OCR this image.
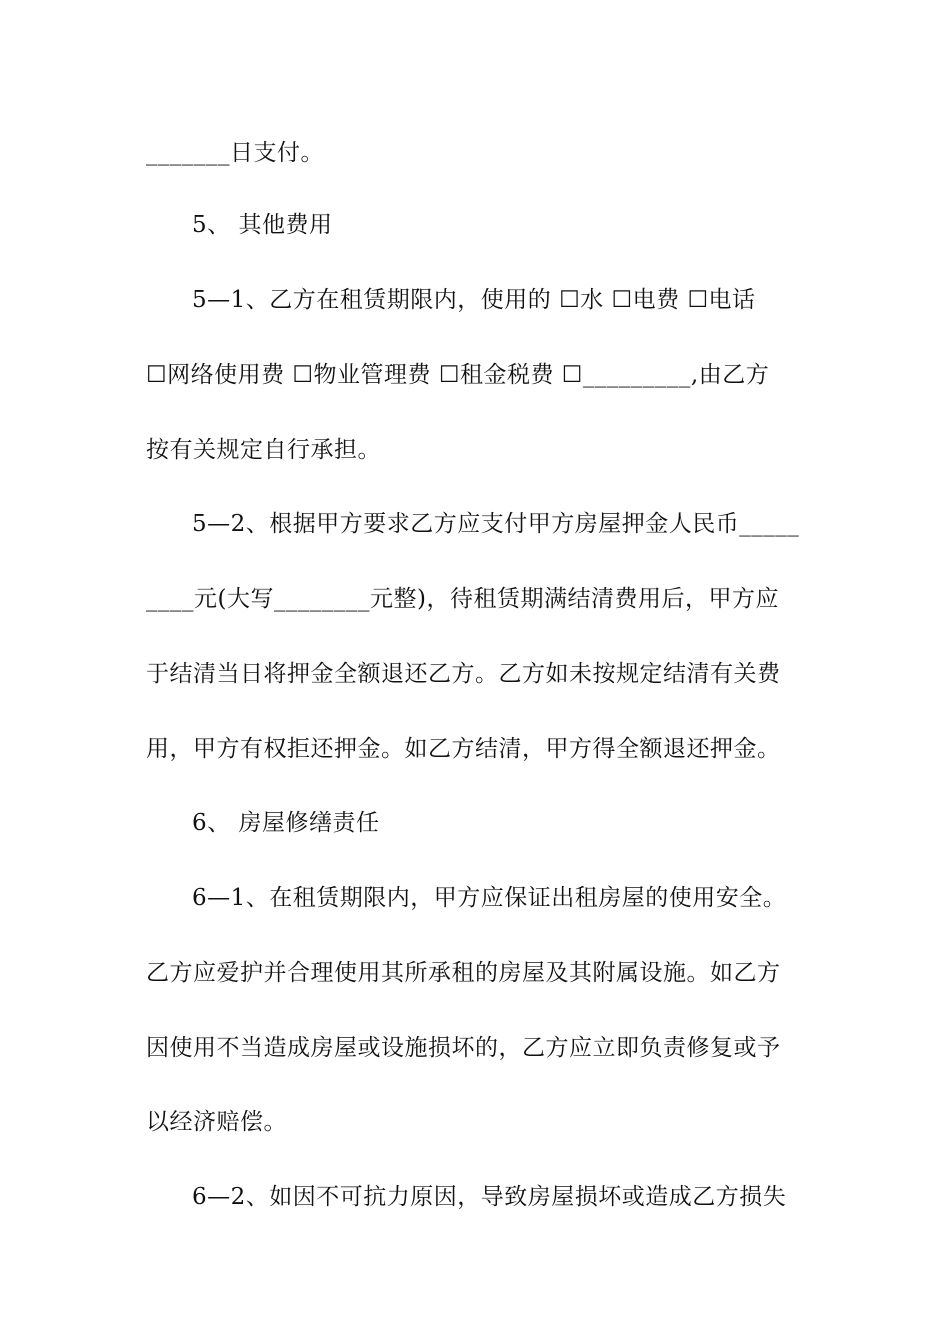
_______日支付。
5、 其他费用
5—1、乙方在租赁期限内，使用的 ☐水 ☐电费 ☐电话
☐网络使用费 ☐物业管理费 ☐租金税费 ☐_________,由乙方
按有关规定自行承担。
5—2、根据甲方要求乙方应支付甲方房屋押金人民币_____
____元(大写________元整)，待租赁期满结清费用后，甲方应
于结清当日将押金全额退还乙方。乙方如未按规定结清有关费
用，甲方有权拒还押金。如乙方结清，甲方得全额退还押金。
6、 房屋修缮责任
6—1、在租赁期限内，甲方应保证出租房屋的使用安全。
乙方应爱护并合理使用其所承租的房屋及其附属设施。如乙方
因使用不当造成房屋或设施损坏的，乙方应立即负责修复或予
以经济赔偿。
6—2、如因不可抗力原因，导致房屋损坏或造成乙方损失
